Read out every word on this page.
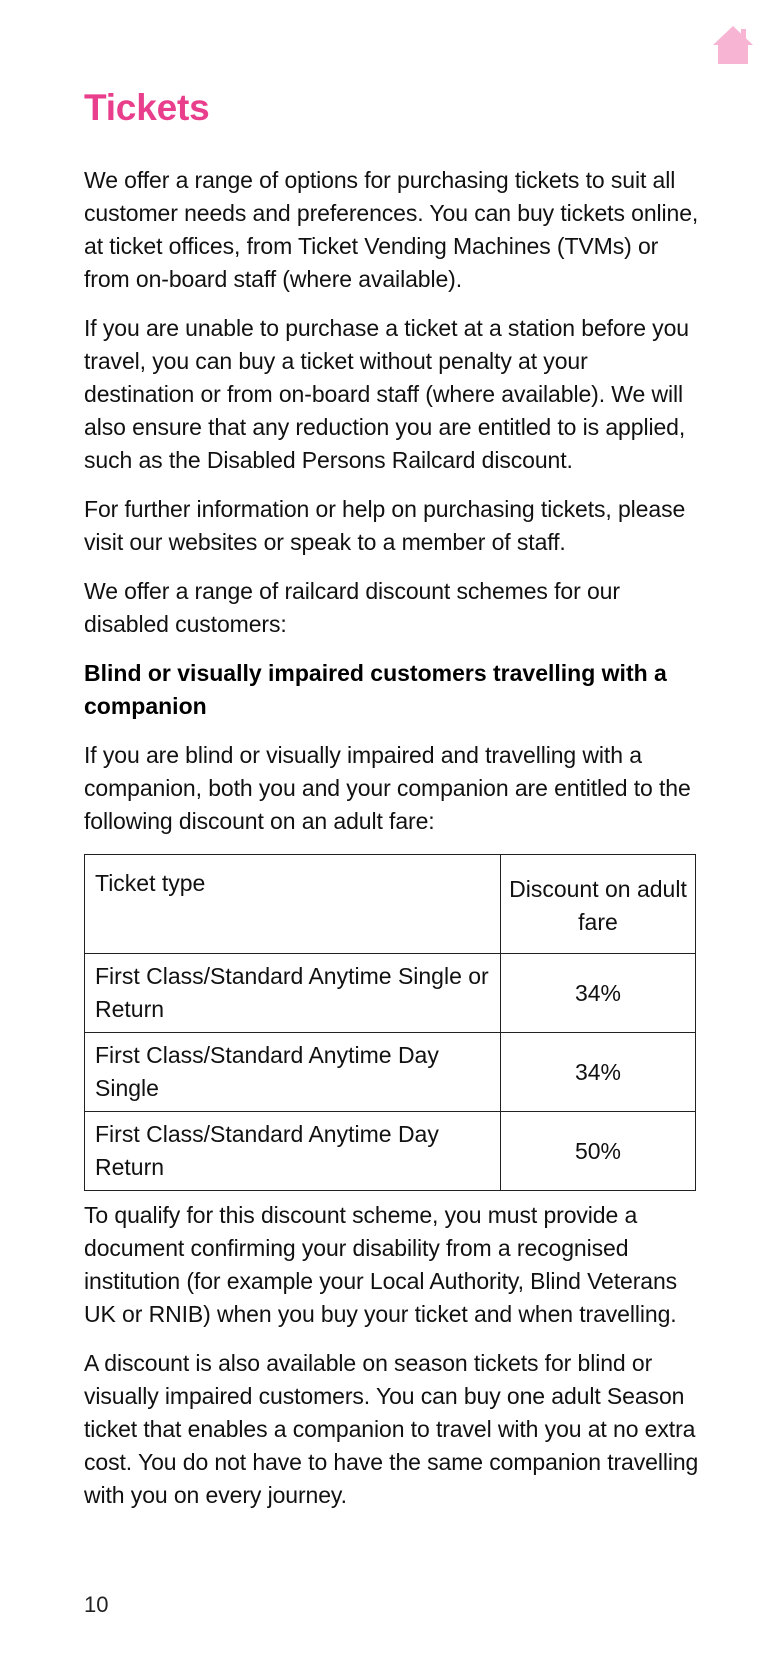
Tickets

We offer a range of options for purchasing tickets to suit all customer needs and preferences. You can buy tickets online, at ticket offices, from Ticket Vending Machines (TVMs) or from on-board staff (where available).

If you are unable to purchase a ticket at a station before you travel, you can buy a ticket without penalty at your destination or from on-board staff (where available). We will also ensure that any reduction you are entitled to is applied, such as the Disabled Persons Railcard discount.

For further information or help on purchasing tickets, please visit our websites or speak to a member of staff.

We offer a range of railcard discount schemes for our disabled customers:

Blind or visually impaired customers travelling with a companion

If you are blind or visually impaired and travelling with a companion, both you and your companion are entitled to the following discount on an adult fare:

Ticket type	Discount on adult fare
First Class/Standard Anytime Single or Return	34%
First Class/Standard Anytime Day Single	34%
First Class/Standard Anytime Day Return	50%

To qualify for this discount scheme, you must provide a document confirming your disability from a recognised institution (for example your Local Authority, Blind Veterans UK or RNIB) when you buy your ticket and when travelling.

A discount is also available on season tickets for blind or visually impaired customers. You can buy one adult Season ticket that enables a companion to travel with you at no extra cost. You do not have to have the same companion travelling with you on every journey.

10
